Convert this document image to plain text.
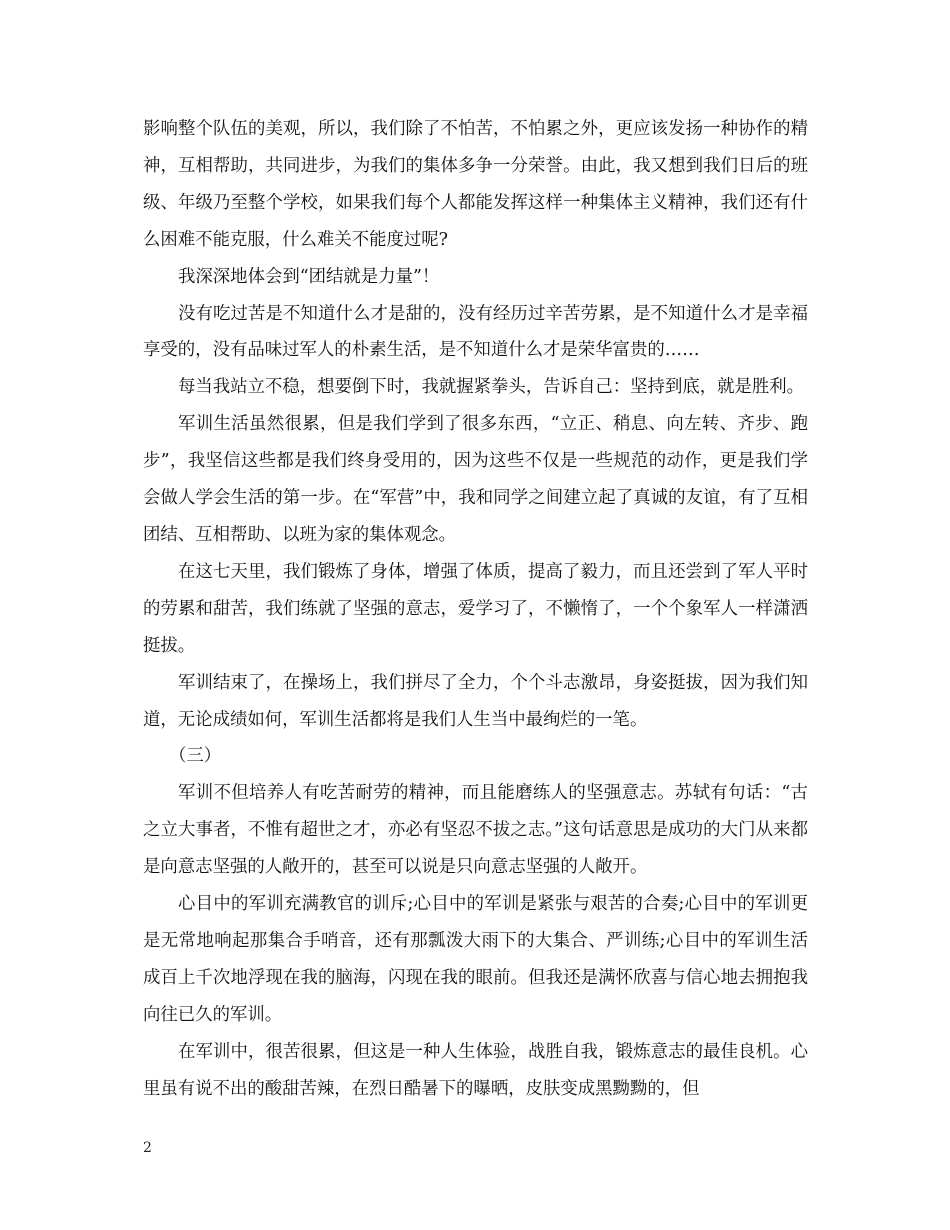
影响整个队伍的美观，所以，我们除了不怕苦，不怕累之外，更应该发扬一种协作的精神，互相帮助，共同进步，为我们的集体多争一分荣誉。由此，我又想到我们日后的班级、年级乃至整个学校，如果我们每个人都能发挥这样一种集体主义精神，我们还有什么困难不能克服，什么难关不能度过呢?

我深深地体会到“团结就是力量”！

没有吃过苦是不知道什么才是甜的，没有经历过辛苦劳累，是不知道什么才是幸福享受的，没有品味过军人的朴素生活，是不知道什么才是荣华富贵的……

每当我站立不稳，想要倒下时，我就握紧拳头，告诉自己：坚持到底，就是胜利。

军训生活虽然很累，但是我们学到了很多东西，“立正、稍息、向左转、齐步、跑步”，我坚信这些都是我们终身受用的，因为这些不仅是一些规范的动作，更是我们学会做人学会生活的第一步。在“军营”中，我和同学之间建立起了真诚的友谊，有了互相团结、互相帮助、以班为家的集体观念。

在这七天里，我们锻炼了身体，增强了体质，提高了毅力，而且还尝到了军人平时的劳累和甜苦，我们练就了坚强的意志，爱学习了，不懒惰了，一个个象军人一样潇洒挺拔。

军训结束了，在操场上，我们拼尽了全力，个个斗志激昂，身姿挺拔，因为我们知道，无论成绩如何，军训生活都将是我们人生当中最绚烂的一笔。

（三）

军训不但培养人有吃苦耐劳的精神，而且能磨练人的坚强意志。苏轼有句话：“古之立大事者，不惟有超世之才，亦必有坚忍不拔之志。”这句话意思是成功的大门从来都是向意志坚强的人敞开的，甚至可以说是只向意志坚强的人敞开。

心目中的军训充满教官的训斥;心目中的军训是紧张与艰苦的合奏;心目中的军训更是无常地响起那集合手哨音，还有那瓢泼大雨下的大集合、严训练;心目中的军训生活成百上千次地浮现在我的脑海，闪现在我的眼前。但我还是满怀欣喜与信心地去拥抱我向往已久的军训。

在军训中，很苦很累，但这是一种人生体验，战胜自我，锻炼意志的最佳良机。心里虽有说不出的酸甜苦辣，在烈日酷暑下的曝晒，皮肤变成黑黝黝的，但

2
